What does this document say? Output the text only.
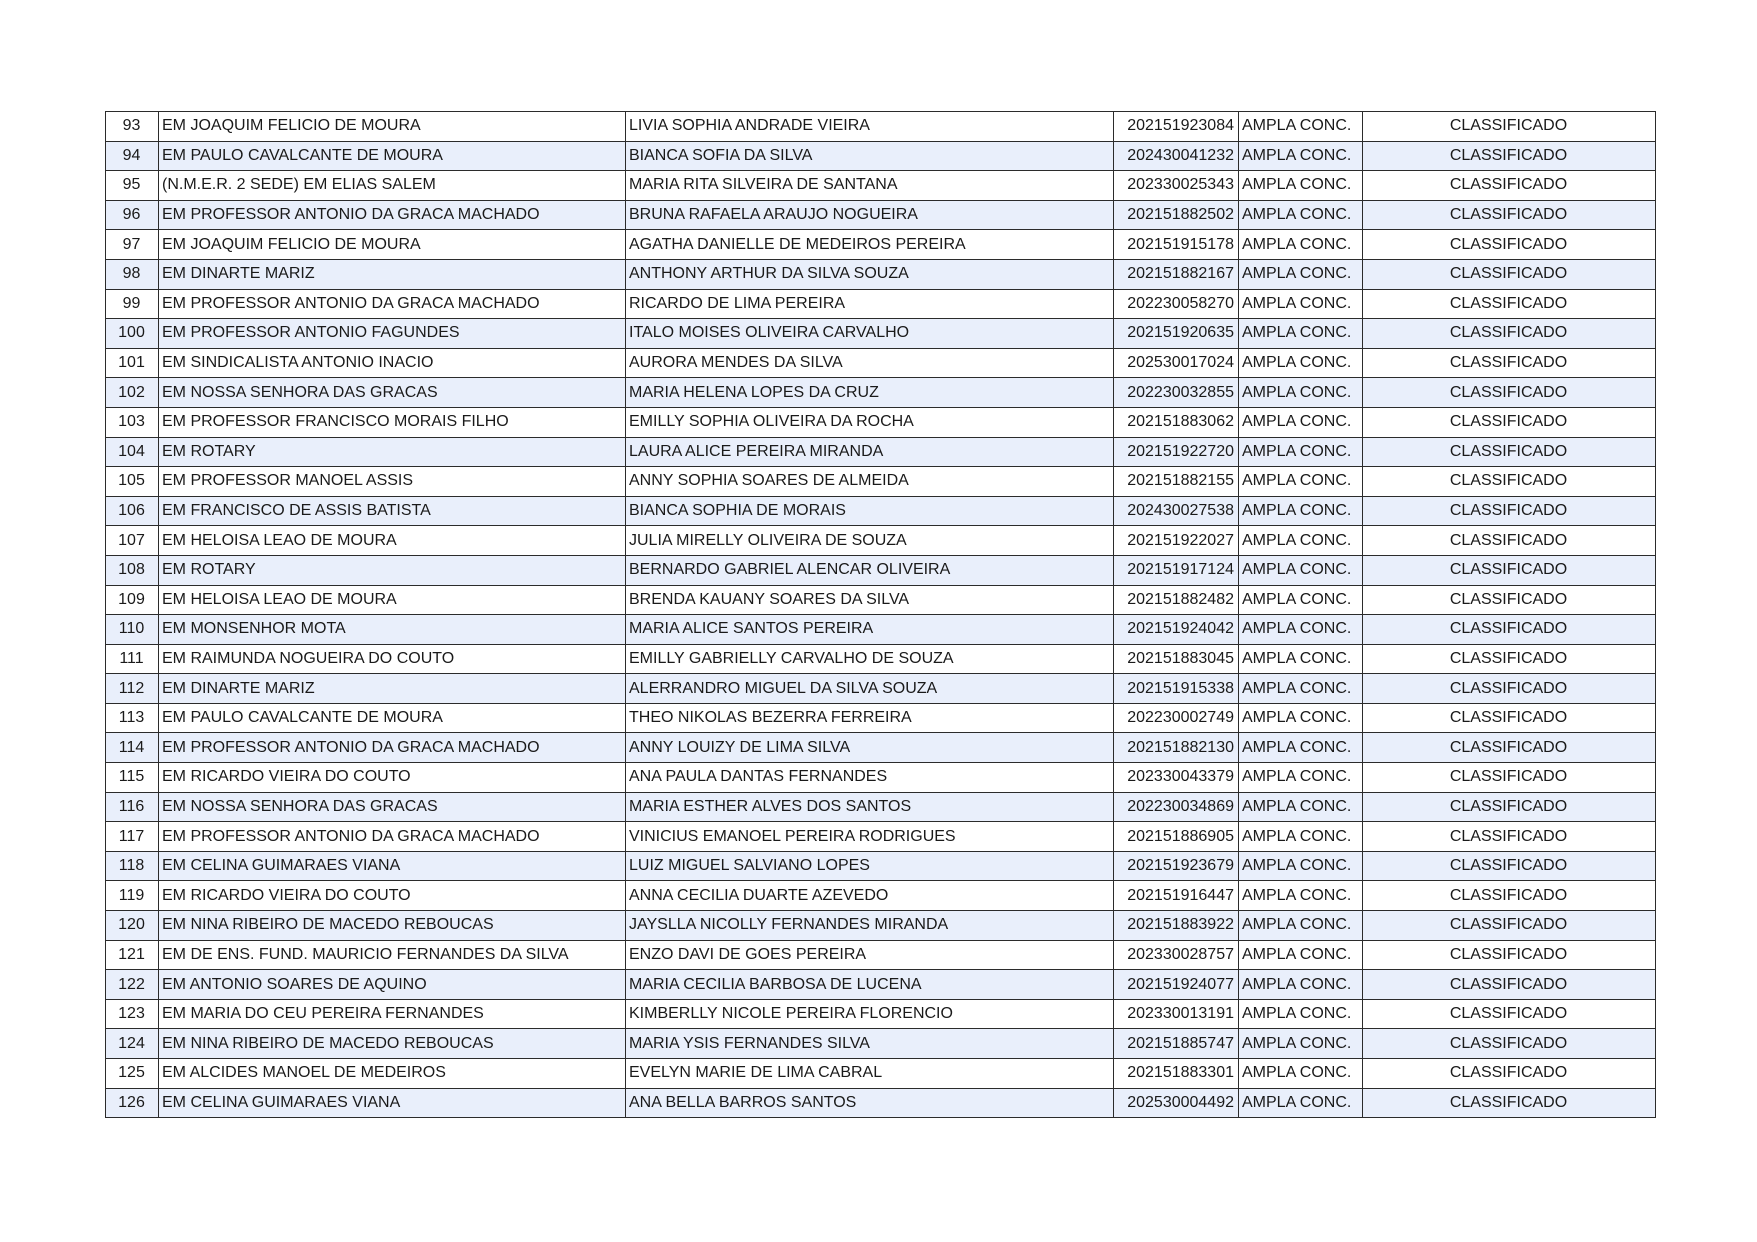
93	EM JOAQUIM FELICIO DE MOURA	LIVIA SOPHIA ANDRADE VIEIRA	202151923084	AMPLA CONC.	CLASSIFICADO
94	EM PAULO CAVALCANTE DE MOURA	BIANCA SOFIA DA SILVA	202430041232	AMPLA CONC.	CLASSIFICADO
95	(N.M.E.R. 2 SEDE) EM ELIAS SALEM	MARIA RITA SILVEIRA DE SANTANA	202330025343	AMPLA CONC.	CLASSIFICADO
96	EM PROFESSOR ANTONIO DA GRACA MACHADO	BRUNA RAFAELA ARAUJO NOGUEIRA	202151882502	AMPLA CONC.	CLASSIFICADO
97	EM JOAQUIM FELICIO DE MOURA	AGATHA DANIELLE DE MEDEIROS PEREIRA	202151915178	AMPLA CONC.	CLASSIFICADO
98	EM DINARTE MARIZ	ANTHONY ARTHUR DA SILVA SOUZA	202151882167	AMPLA CONC.	CLASSIFICADO
99	EM PROFESSOR ANTONIO DA GRACA MACHADO	RICARDO DE LIMA PEREIRA	202230058270	AMPLA CONC.	CLASSIFICADO
100	EM PROFESSOR ANTONIO FAGUNDES	ITALO MOISES OLIVEIRA CARVALHO	202151920635	AMPLA CONC.	CLASSIFICADO
101	EM SINDICALISTA ANTONIO INACIO	AURORA MENDES DA SILVA	202530017024	AMPLA CONC.	CLASSIFICADO
102	EM NOSSA SENHORA DAS GRACAS	MARIA HELENA LOPES DA CRUZ	202230032855	AMPLA CONC.	CLASSIFICADO
103	EM PROFESSOR FRANCISCO MORAIS FILHO	EMILLY SOPHIA OLIVEIRA DA ROCHA	202151883062	AMPLA CONC.	CLASSIFICADO
104	EM ROTARY	LAURA ALICE PEREIRA MIRANDA	202151922720	AMPLA CONC.	CLASSIFICADO
105	EM PROFESSOR MANOEL ASSIS	ANNY SOPHIA SOARES DE ALMEIDA	202151882155	AMPLA CONC.	CLASSIFICADO
106	EM FRANCISCO DE ASSIS BATISTA	BIANCA SOPHIA DE MORAIS	202430027538	AMPLA CONC.	CLASSIFICADO
107	EM HELOISA LEAO DE MOURA	JULIA MIRELLY OLIVEIRA DE SOUZA	202151922027	AMPLA CONC.	CLASSIFICADO
108	EM ROTARY	BERNARDO GABRIEL ALENCAR OLIVEIRA	202151917124	AMPLA CONC.	CLASSIFICADO
109	EM HELOISA LEAO DE MOURA	BRENDA KAUANY SOARES DA SILVA	202151882482	AMPLA CONC.	CLASSIFICADO
110	EM MONSENHOR MOTA	MARIA ALICE SANTOS PEREIRA	202151924042	AMPLA CONC.	CLASSIFICADO
111	EM RAIMUNDA NOGUEIRA DO COUTO	EMILLY GABRIELLY CARVALHO DE SOUZA	202151883045	AMPLA CONC.	CLASSIFICADO
112	EM DINARTE MARIZ	ALERRANDRO MIGUEL DA SILVA SOUZA	202151915338	AMPLA CONC.	CLASSIFICADO
113	EM PAULO CAVALCANTE DE MOURA	THEO NIKOLAS BEZERRA FERREIRA	202230002749	AMPLA CONC.	CLASSIFICADO
114	EM PROFESSOR ANTONIO DA GRACA MACHADO	ANNY LOUIZY DE LIMA SILVA	202151882130	AMPLA CONC.	CLASSIFICADO
115	EM RICARDO VIEIRA DO COUTO	ANA PAULA DANTAS FERNANDES	202330043379	AMPLA CONC.	CLASSIFICADO
116	EM NOSSA SENHORA DAS GRACAS	MARIA ESTHER ALVES DOS SANTOS	202230034869	AMPLA CONC.	CLASSIFICADO
117	EM PROFESSOR ANTONIO DA GRACA MACHADO	VINICIUS EMANOEL PEREIRA RODRIGUES	202151886905	AMPLA CONC.	CLASSIFICADO
118	EM CELINA GUIMARAES VIANA	LUIZ MIGUEL SALVIANO LOPES	202151923679	AMPLA CONC.	CLASSIFICADO
119	EM RICARDO VIEIRA DO COUTO	ANNA CECILIA DUARTE AZEVEDO	202151916447	AMPLA CONC.	CLASSIFICADO
120	EM NINA RIBEIRO DE MACEDO REBOUCAS	JAYSLLA NICOLLY FERNANDES MIRANDA	202151883922	AMPLA CONC.	CLASSIFICADO
121	EM DE ENS. FUND. MAURICIO FERNANDES DA SILVA	ENZO DAVI DE GOES PEREIRA	202330028757	AMPLA CONC.	CLASSIFICADO
122	EM ANTONIO SOARES DE AQUINO	MARIA CECILIA BARBOSA DE LUCENA	202151924077	AMPLA CONC.	CLASSIFICADO
123	EM MARIA DO CEU PEREIRA FERNANDES	KIMBERLLY NICOLE PEREIRA FLORENCIO	202330013191	AMPLA CONC.	CLASSIFICADO
124	EM NINA RIBEIRO DE MACEDO REBOUCAS	MARIA YSIS FERNANDES SILVA	202151885747	AMPLA CONC.	CLASSIFICADO
125	EM ALCIDES MANOEL DE MEDEIROS	EVELYN MARIE DE LIMA CABRAL	202151883301	AMPLA CONC.	CLASSIFICADO
126	EM CELINA GUIMARAES VIANA	ANA BELLA BARROS SANTOS	202530004492	AMPLA CONC.	CLASSIFICADO
